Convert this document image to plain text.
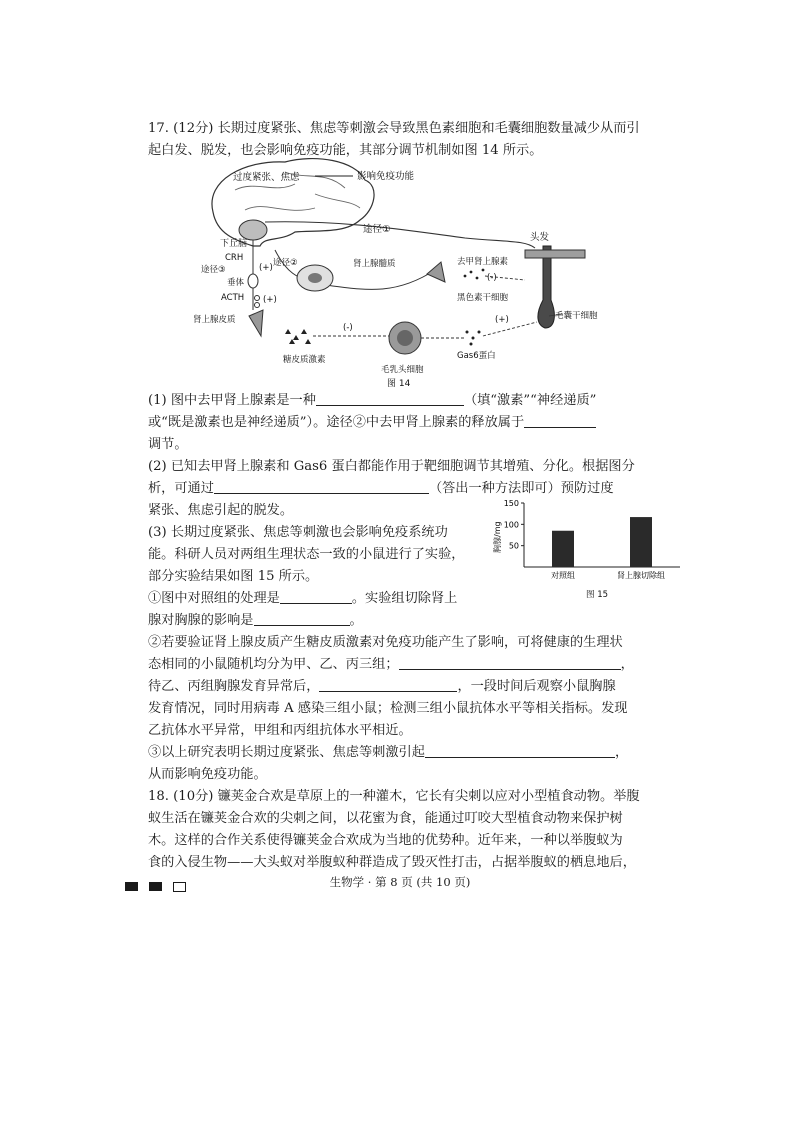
17. (12分) 长期过度紧张、焦虑等刺激会导致黑色素细胞和毛囊细胞数量减少从而引
起白发、脱发，也会影响免疫功能，其部分调节机制如图 14 所示。
过度紧张、焦虑	影响免疫功能
下丘脑
途径①
头发
CRH
(+)
途径③
垂体
ACTH (+)
途径②	肾上腺髓质	去甲肾上腺素
(-)
黑色素干细胞
毛囊干细胞
肾上腺皮质
糖皮质激素
(-)
毛乳头细胞
(+)
Gas6蛋白
图 14
(1) 图中去甲肾上腺素是一种	（填“激素”“神经递质”
或“既是激素也是神经递质”）。途径②中去甲肾上腺素的释放属于
调节。
(2) 已知去甲肾上腺素和 Gas6 蛋白都能作用于靶细胞调节其增殖、分化。根据图分
析，可通过	（答出一种方法即可）预防过度
紧张、焦虑引起的脱发。
(3) 长期过度紧张、焦虑等刺激也会影响免疫系统功
能。科研人员对两组生理状态一致的小鼠进行了实验，
部分实验结果如图 15 所示。
①图中对照组的处理是	。实验组切除肾上
腺对胸腺的影响是	。
胸腺/mg 50
100
150
对照组	肾上腺切除组
图 15
②若要验证肾上腺皮质产生糖皮质激素对免疫功能产生了影响，可将健康的生理状
态相同的小鼠随机均分为甲、乙、丙三组；	，
待乙、丙组胸腺发育异常后，	，一段时间后观察小鼠胸腺
发育情况，同时用病毒 A 感染三组小鼠；检测三组小鼠抗体水平等相关指标。发现
乙抗体水平异常，甲组和丙组抗体水平相近。
③以上研究表明长期过度紧张、焦虑等刺激引起	，
从而影响免疫功能。
18. (10分) 镰荚金合欢是草原上的一种灌木，它长有尖刺以应对小型植食动物。举腹
蚁生活在镰荚金合欢的尖刺之间，以花蜜为食，能通过叮咬大型植食动物来保护树
木。这样的合作关系使得镰荚金合欢成为当地的优势种。近年来，一种以举腹蚁为
食的入侵生物——大头蚁对举腹蚁种群造成了毁灭性打击，占据举腹蚁的栖息地后，
生物学 · 第 8 页 (共 10 页)
